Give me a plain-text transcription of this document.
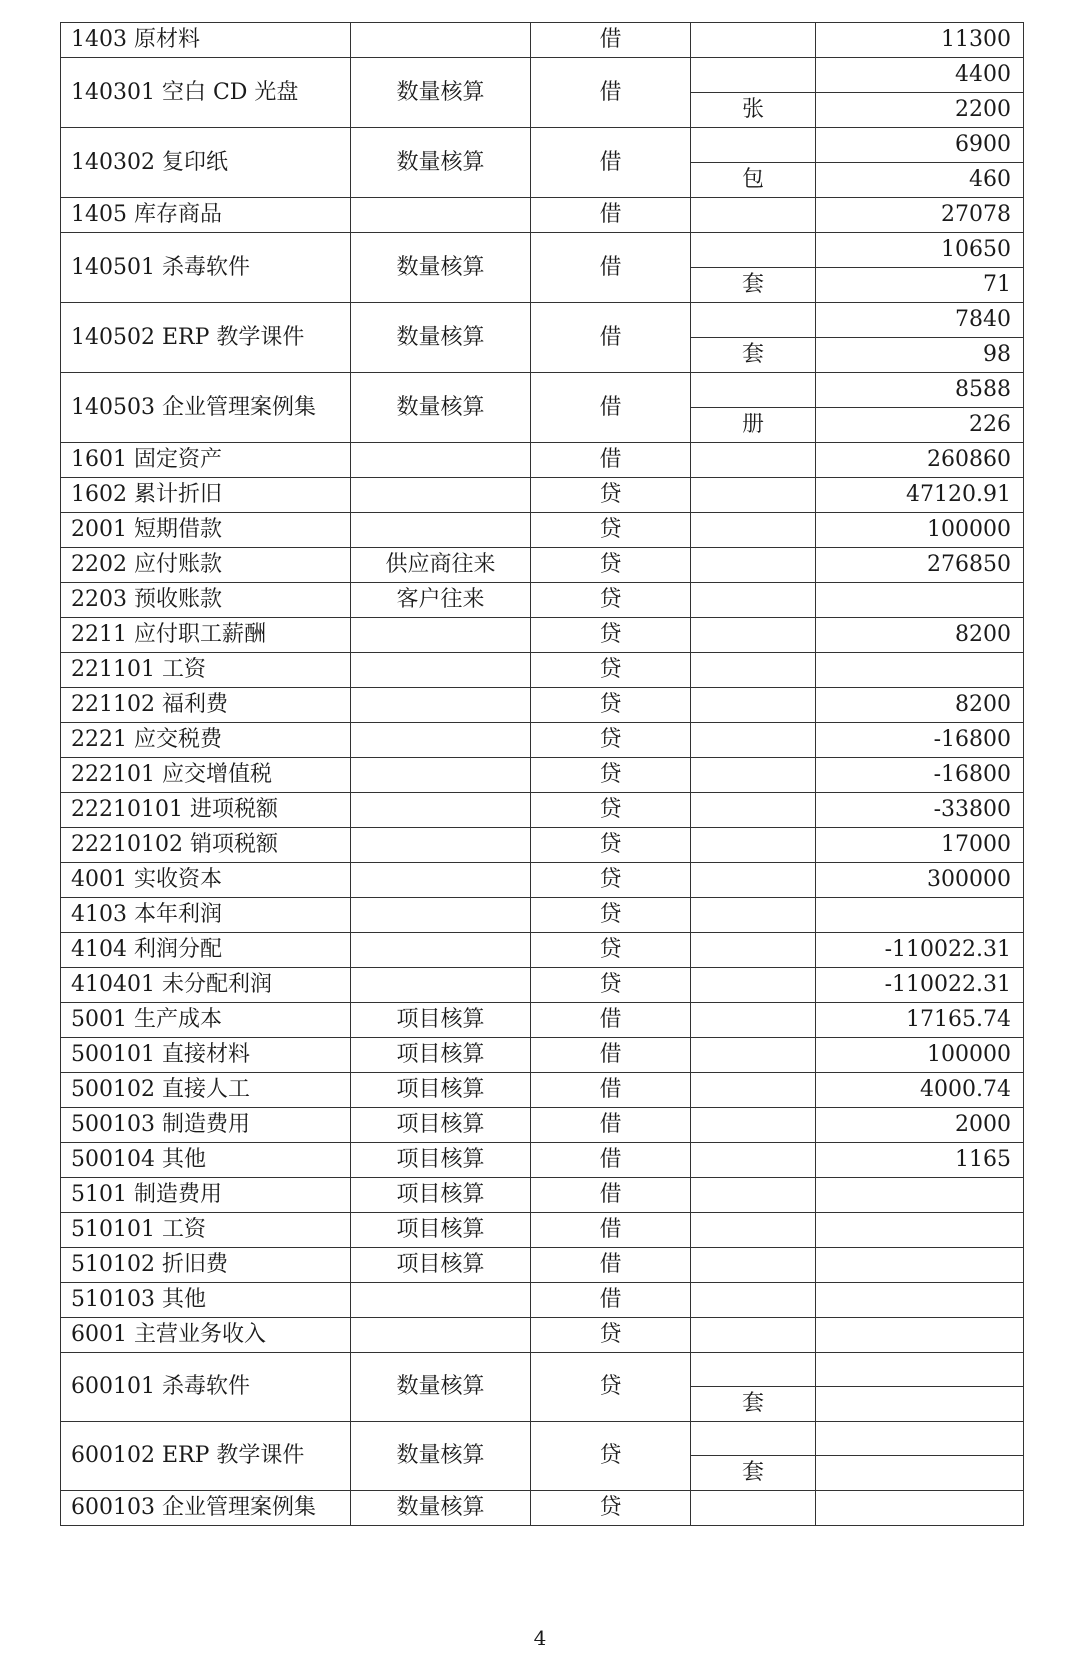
1403 原材料		借		11300
140301 空白 CD 光盘	数量核算	借		4400
			张	2200
140302 复印纸	数量核算	借		6900
			包	460
1405 库存商品		借		27078
140501 杀毒软件	数量核算	借		10650
			套	71
140502 ERP 教学课件	数量核算	借		7840
			套	98
140503 企业管理案例集	数量核算	借		8588
			册	226
1601 固定资产		借		260860
1602 累计折旧		贷		47120.91
2001 短期借款		贷		100000
2202 应付账款	供应商往来	贷		276850
2203 预收账款	客户往来	贷		
2211 应付职工薪酬		贷		8200
221101 工资		贷		
221102 福利费		贷		8200
2221 应交税费		贷		-16800
222101 应交增值税		贷		-16800
22210101 进项税额		贷		-33800
22210102 销项税额		贷		17000
4001 实收资本		贷		300000
4103 本年利润		贷		
4104 利润分配		贷		-110022.31
410401 未分配利润		贷		-110022.31
5001 生产成本	项目核算	借		17165.74
500101 直接材料	项目核算	借		100000
500102 直接人工	项目核算	借		4000.74
500103 制造费用	项目核算	借		2000
500104 其他	项目核算	借		1165
5101 制造费用	项目核算	借		
510101 工资	项目核算	借		
510102 折旧费	项目核算	借		
510103 其他		借		
6001 主营业务收入		贷		
600101 杀毒软件	数量核算	贷		
			套	
600102 ERP 教学课件	数量核算	贷		
			套	
600103 企业管理案例集	数量核算	贷		
4
